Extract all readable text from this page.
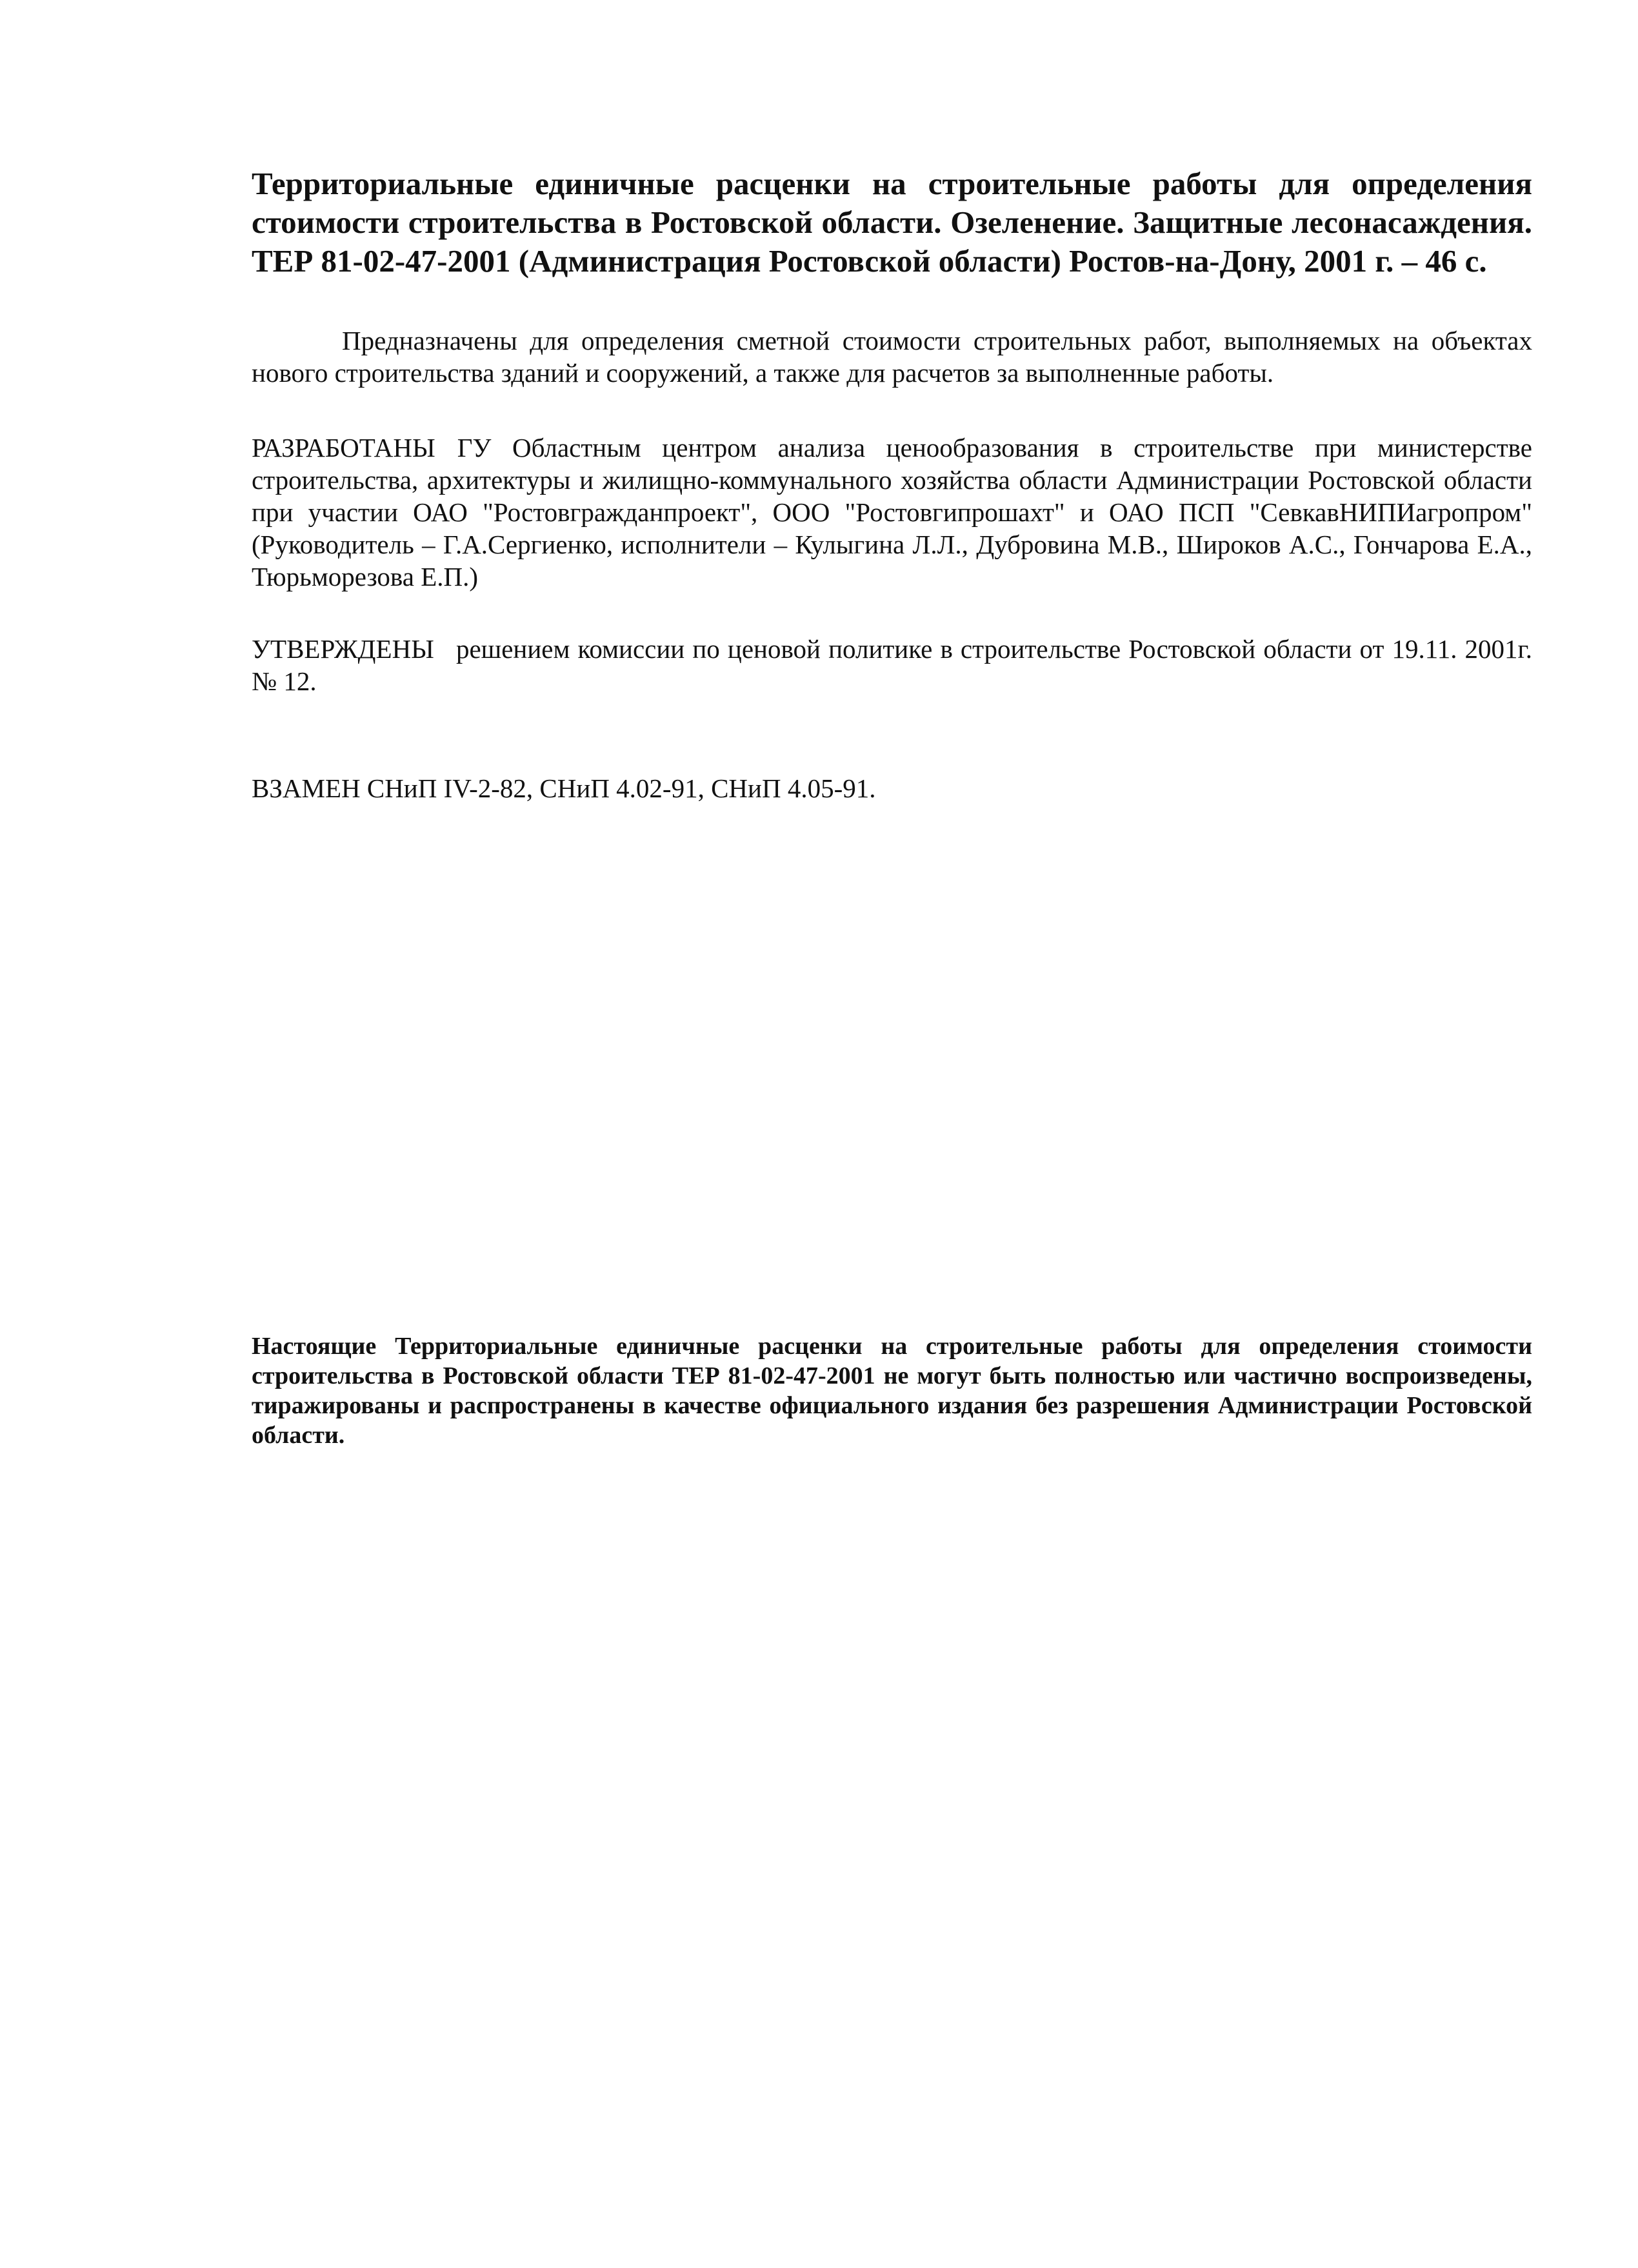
Территориальные единичные расценки на строительные работы для определения стоимости строительства в Ростовской области. Озеленение. Защитные лесонасаждения. ТЕР 81-02-47-2001 (Администрация Ростовской области) Ростов-на-Дону, 2001 г. – 46 с.

Предназначены для определения сметной стоимости строительных работ, выполняемых на объектах нового строительства зданий и сооружений, а также для расчетов за выполненные работы.
РАЗРАБОТАНЫ ГУ Областным центром анализа ценообразования в строительстве при министерстве строительства, архитектуры и жилищно-коммунального хозяйства области Администрации Ростовской области при участии ОАО "Ростовгражданпроект", ООО "Ростовгипрошахт" и ОАО ПСП "СевкавНИПИагропром" (Руководитель – Г.А.Сергиенко, исполнители – Кулыгина Л.Л., Дубровина М.В., Широков А.С., Гончарова Е.А., Тюрьморезова Е.П.)
УТВЕРЖДЕНЫ решением комиссии по ценовой политике в строительстве Ростовской области от 19.11. 2001г. № 12.
ВЗАМЕН СНиП IV-2-82, СНиП 4.02-91, СНиП 4.05-91.
Настоящие Территориальные единичные расценки на строительные работы для определения стоимости строительства в Ростовской области ТЕР 81-02-47-2001 не могут быть полностью или частично воспроизведены, тиражированы и распространены в качестве официального издания без разрешения Администрации Ростовской области.
